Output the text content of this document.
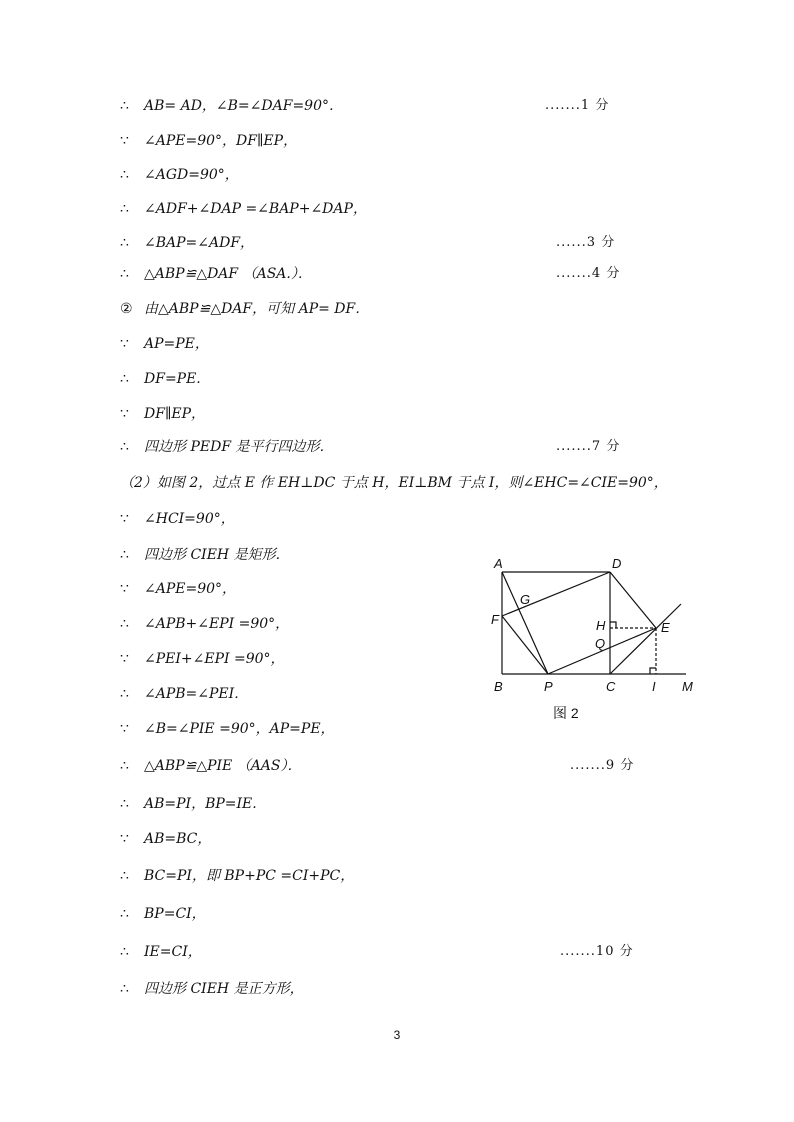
∴ AB= AD，∠B=∠DAF=90°．
∵ ∠APE=90°，DF∥EP，
∴ ∠AGD=90°，
∴ ∠ADF+∠DAP =∠BAP+∠DAP，
∴ ∠BAP=∠ADF，
∴ △ABP≌△DAF （ASA.）．
② 由△ABP≌△DAF，可知 AP= DF．
∵ AP=PE，
∴ DF=PE.
∵ DF∥EP，
∴ 四边形 PEDF 是平行四边形．
（2）如图 2，过点 E 作 EH⊥DC 于点 H，EI⊥BM 于点 I，则∠EHC=∠CIE=90°，
∵ ∠HCI=90°，
∴ 四边形 CIEH 是矩形.
∵ ∠APE=90°，
∴ ∠APB+∠EPI =90°，
∵ ∠PEI+∠EPI =90°，
∴ ∠APB=∠PEI．
∵ ∠B=∠PIE =90°，AP=PE，
∴ △ABP≌△PIE （AAS）．
∴ AB=PI，BP=IE.
∵ AB=BC，
∴ BC=PI，即 BP+PC =CI+PC，
∴ BP=CI，
∴ IE=CI，
∴ 四边形 CIEH 是正方形，
A	D
G
F	H
Q
E
B	P	C	I M
图 2
3
.......1 分
......3 分
.......4 分
.......7 分
.......9 分
.......10 分
